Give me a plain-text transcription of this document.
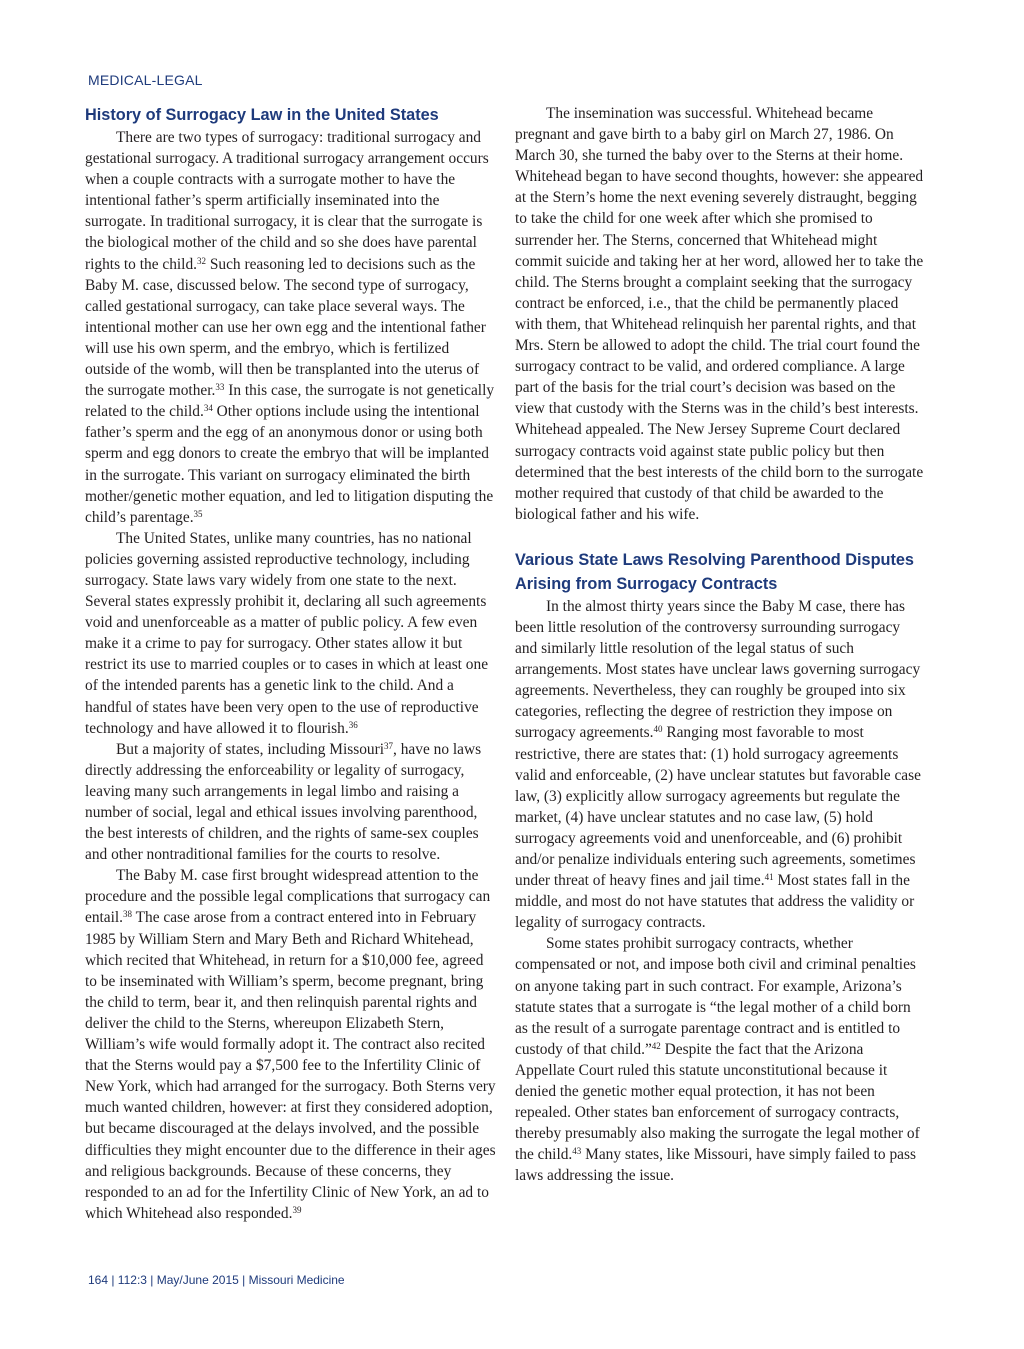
MEDICAL-LEGAL
History of Surrogacy Law in the United States

There are two types of surrogacy: traditional surrogacy and gestational surrogacy. A traditional surrogacy arrangement occurs when a couple contracts with a surrogate mother to have the intentional father’s sperm artificially inseminated into the surrogate. In traditional surrogacy, it is clear that the surrogate is the biological mother of the child and so she does have parental rights to the child.$^{32}$ Such reasoning led to decisions such as the Baby M. case, discussed below. The second type of surrogacy, called gestational surrogacy, can take place several ways. The intentional mother can use her own egg and the intentional father will use his own sperm, and the embryo, which is fertilized outside of the womb, will then be transplanted into the uterus of the surrogate mother.$^{33}$ In this case, the surrogate is not genetically related to the child.$^{34}$ Other options include using the intentional father’s sperm and the egg of an anonymous donor or using both sperm and egg donors to create the embryo that will be implanted in the surrogate. This variant on surrogacy eliminated the birth mother/genetic mother equation, and led to litigation disputing the child’s parentage.$^{35}$

The United States, unlike many countries, has no national policies governing assisted reproductive technology, including surrogacy. State laws vary widely from one state to the next. Several states expressly prohibit it, declaring all such agreements void and unenforceable as a matter of public policy. A few even make it a crime to pay for surrogacy. Other states allow it but restrict its use to married couples or to cases in which at least one of the intended parents has a genetic link to the child. And a handful of states have been very open to the use of reproductive technology and have allowed it to flourish.$^{36}$

But a majority of states, including Missouri$^{37}$, have no laws directly addressing the enforceability or legality of surrogacy, leaving many such arrangements in legal limbo and raising a number of social, legal and ethical issues involving parenthood, the best interests of children, and the rights of same-sex couples and other nontraditional families for the courts to resolve.

The Baby M. case first brought widespread attention to the procedure and the possible legal complications that surrogacy can entail.$^{38}$ The case arose from a contract entered into in February 1985 by William Stern and Mary Beth and Richard Whitehead, which recited that Whitehead, in return for a $10,000 fee, agreed to be inseminated with William’s sperm, become pregnant, bring the child to term, bear it, and then relinquish parental rights and deliver the child to the Sterns, whereupon Elizabeth Stern, William’s wife would formally adopt it. The contract also recited that the Sterns would pay a $7,500 fee to the Infertility Clinic of New York, which had arranged for the surrogacy. Both Sterns very much wanted children, however: at first they considered adoption, but became discouraged at the delays involved, and the possible difficulties they might encounter due to the difference in their ages and religious backgrounds. Because of these concerns, they responded to an ad for the Infertility Clinic of New York, an ad to which Whitehead also responded.$^{39}$

The insemination was successful. Whitehead became pregnant and gave birth to a baby girl on March 27, 1986. On March 30, she turned the baby over to the Sterns at their home. Whitehead began to have second thoughts, however: she appeared at the Stern’s home the next evening severely distraught, begging to take the child for one week after which she promised to surrender her. The Sterns, concerned that Whitehead might commit suicide and taking her at her word, allowed her to take the child. The Sterns brought a complaint seeking that the surrogacy contract be enforced, i.e., that the child be permanently placed with them, that Whitehead relinquish her parental rights, and that Mrs. Stern be allowed to adopt the child. The trial court found the surrogacy contract to be valid, and ordered compliance. A large part of the basis for the trial court’s decision was based on the view that custody with the Sterns was in the child’s best interests. Whitehead appealed. The New Jersey Supreme Court declared surrogacy contracts void against state public policy but then determined that the best interests of the child born to the surrogate mother required that custody of that child be awarded to the biological father and his wife.

Various State Laws Resolving Parenthood Disputes Arising from Surrogacy Contracts

In the almost thirty years since the Baby M case, there has been little resolution of the controversy surrounding surrogacy and similarly little resolution of the legal status of such arrangements. Most states have unclear laws governing surrogacy agreements. Nevertheless, they can roughly be grouped into six categories, reflecting the degree of restriction they impose on surrogacy agreements.$^{40}$ Ranging most favorable to most restrictive, there are states that: (1) hold surrogacy agreements valid and enforceable, (2) have unclear statutes but favorable case law, (3) explicitly allow surrogacy agreements but regulate the market, (4) have unclear statutes and no case law, (5) hold surrogacy agreements void and unenforceable, and (6) prohibit and/or penalize individuals entering such agreements, sometimes under threat of heavy fines and jail time.$^{41}$ Most states fall in the middle, and most do not have statutes that address the validity or legality of surrogacy contracts.

Some states prohibit surrogacy contracts, whether compensated or not, and impose both civil and criminal penalties on anyone taking part in such contract. For example, Arizona’s statute states that a surrogate is “the legal mother of a child born as the result of a surrogate parentage contract and is entitled to custody of that child.”$^{42}$ Despite the fact that the Arizona Appellate Court ruled this statute unconstitutional because it denied the genetic mother equal protection, it has not been repealed. Other states ban enforcement of surrogacy contracts, thereby presumably also making the surrogate the legal mother of the child.$^{43}$ Many states, like Missouri, have simply failed to pass laws addressing the issue.

164 | 112:3 | May/June 2015 | Missouri Medicine
